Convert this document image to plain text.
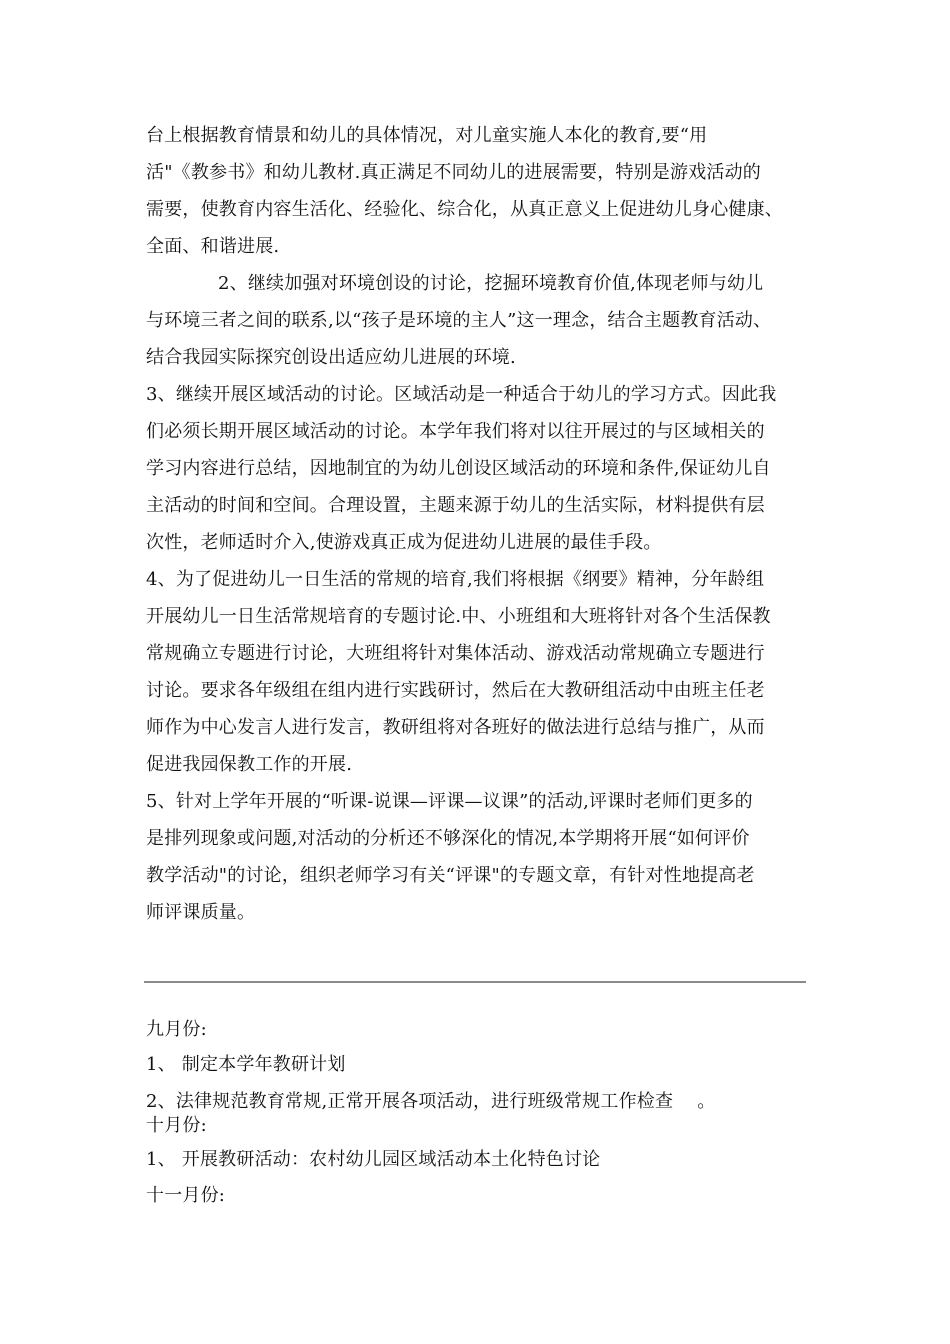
台上根据教育情景和幼儿的具体情况，对儿童实施人本化的教育,要“用
活"《教参书》和幼儿教材.真正满足不同幼儿的进展需要，特别是游戏活动的
需要，使教育内容生活化、经验化、综合化，从真正意义上促进幼儿身心健康、
全面、和谐进展.
2、继续加强对环境创设的讨论，挖掘环境教育价值,体现老师与幼儿
与环境三者之间的联系,以“孩子是环境的主人”这一理念，结合主题教育活动、
结合我园实际探究创设出适应幼儿进展的环境.
3、继续开展区域活动的讨论。区域活动是一种适合于幼儿的学习方式。因此我
们必须长期开展区域活动的讨论。本学年我们将对以往开展过的与区域相关的
学习内容进行总结，因地制宜的为幼儿创设区域活动的环境和条件,保证幼儿自
主活动的时间和空间。合理设置，主题来源于幼儿的生活实际，材料提供有层
次性，老师适时介入,使游戏真正成为促进幼儿进展的最佳手段。
4、为了促进幼儿一日生活的常规的培育,我们将根据《纲要》精神，分年龄组
开展幼儿一日生活常规培育的专题讨论.中、小班组和大班将针对各个生活保教
常规确立专题进行讨论，大班组将针对集体活动、游戏活动常规确立专题进行
讨论。要求各年级组在组内进行实践研讨，然后在大教研组活动中由班主任老
师作为中心发言人进行发言，教研组将对各班好的做法进行总结与推广，从而
促进我园保教工作的开展.
5、针对上学年开展的“听课-说课—评课—议课”的活动,评课时老师们更多的
是排列现象或问题,对活动的分析还不够深化的情况,本学期将开展“如何评价
教学活动"的讨论，组织老师学习有关“评课"的专题文章，有针对性地提高老
师评课质量。
九月份:
1、 制定本学年教研计划
2、法律规范教育常规,正常开展各项活动，进行班级常规工作检查　 。
十月份:
1、 开展教研活动：农村幼儿园区域活动本土化特色讨论
十一月份:
